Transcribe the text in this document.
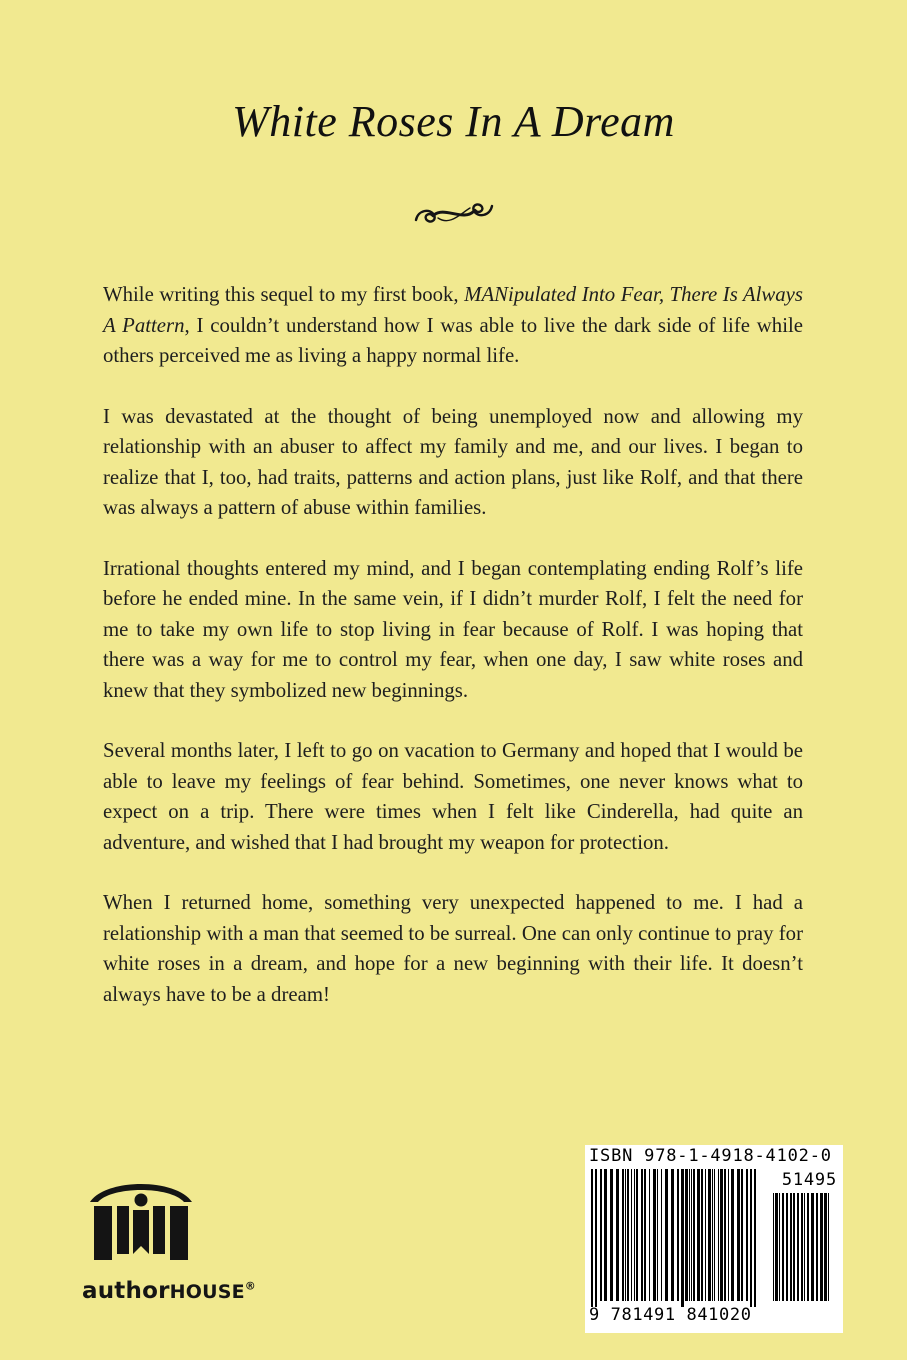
White Roses In A Dream

While writing this sequel to my first book, MANipulated Into Fear, There Is Always A Pattern, I couldn’t understand how I was able to live the dark side of life while others perceived me as living a happy normal life.

I was devastated at the thought of being unemployed now and allowing my relationship with an abuser to affect my family and me, and our lives. I began to realize that I, too, had traits, patterns and action plans, just like Rolf, and that there was always a pattern of abuse within families.

Irrational thoughts entered my mind, and I began contemplating ending Rolf’s life before he ended mine. In the same vein, if I didn’t murder Rolf, I felt the need for me to take my own life to stop living in fear because of Rolf. I was hoping that there was a way for me to control my fear, when one day, I saw white roses and knew that they symbolized new beginnings.

Several months later, I left to go on vacation to Germany and hoped that I would be able to leave my feelings of fear behind. Sometimes, one never knows what to expect on a trip. There were times when I felt like Cinderella, had quite an adventure, and wished that I had brought my weapon for protection.

When I returned home, something very unexpected happened to me. I had a relationship with a man that seemed to be surreal. One can only continue to pray for white roses in a dream, and hope for a new beginning with their life. It doesn’t always have to be a dream!

authorHOUSE®
ISBN 978-1-4918-4102-0
51495
9 781491 841020
